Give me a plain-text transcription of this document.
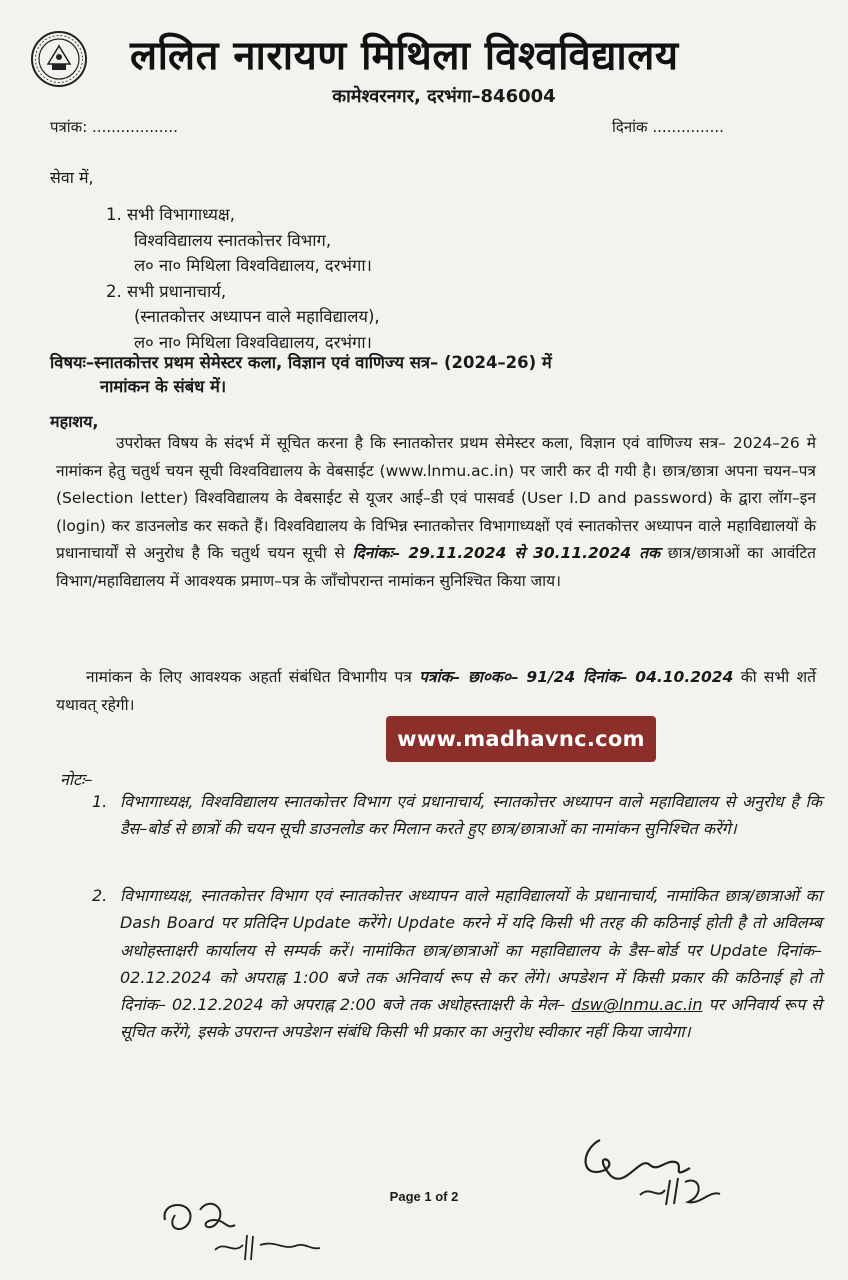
ललित नारायण मिथिला विश्वविद्यालय
कामेश्वरनगर, दरभंगा–846004
पत्रांक: ..................	दिनांक ...............
सेवा में,
1. सभी विभागाध्यक्ष,
विश्वविद्यालय स्नातकोत्तर विभाग,
ल० ना० मिथिला विश्वविद्यालय, दरभंगा।
2. सभी प्रधानाचार्य,
(स्नातकोत्तर अध्यापन वाले महाविद्यालय),
ल० ना० मिथिला विश्वविद्यालय, दरभंगा।
विषयः–स्नातकोत्तर प्रथम सेमेस्टर कला, विज्ञान एवं वाणिज्य सत्र– (2024–26) में
नामांकन के संबंध में।
महाशय,
उपरोक्त विषय के संदर्भ में सूचित करना है कि स्नातकोत्तर प्रथम सेमेस्टर कला, विज्ञान एवं वाणिज्य सत्र– 2024–26 मे नामांकन हेतु चतुर्थ चयन सूची विश्वविद्यालय के वेबसाईट (www.lnmu.ac.in) पर जारी कर दी गयी है। छात्र/छात्रा अपना चयन–पत्र (Selection letter) विश्वविद्यालय के वेबसाईट से यूजर आई–डी एवं पासवर्ड (User I.D and password) के द्वारा लॉग–इन (login) कर डाउनलोड कर सकते हैं। विश्वविद्यालय के विभिन्न स्नातकोत्तर विभागाध्यक्षों एवं स्नातकोत्तर अध्यापन वाले महाविद्यालयों के प्रधानाचार्यों से अनुरोध है कि चतुर्थ चयन सूची से दिनांकः– 29.11.2024 से 30.11.2024 तक छात्र/छात्राओं का आवंटित विभाग/महाविद्यालय में आवश्यक प्रमाण–पत्र के जाँचोपरान्त नामांकन सुनिश्चित किया जाय।
नामांकन के लिए आवश्यक अहर्ता संबंधित विभागीय पत्र पत्रांक– छा०क०– 91/24 दिनांक– 04.10.2024 की सभी शर्ते यथावत् रहेगी।
www.madhavnc.com
नोटः–
1. विभागाध्यक्ष, विश्वविद्यालय स्नातकोत्तर विभाग एवं प्रधानाचार्य, स्नातकोत्तर अध्यापन वाले महाविद्यालय से अनुरोध है कि डैस–बोर्ड से छात्रों की चयन सूची डाउनलोड कर मिलान करते हुए छात्र/छात्राओं का नामांकन सुनिश्चित करेंगे।
2. विभागाध्यक्ष, स्नातकोत्तर विभाग एवं स्नातकोत्तर अध्यापन वाले महाविद्यालयों के प्रधानाचार्य, नामांकित छात्र/छात्राओं का Dash Board पर प्रतिदिन Update करेंगे। Update करने में यदि किसी भी तरह की कठिनाई होती है तो अविलम्ब अधोहस्ताक्षरी कार्यालय से सम्पर्क करें। नामांकित छात्र/छात्राओं का महाविद्यालय के डैस–बोर्ड पर Update दिनांक– 02.12.2024 को अपराह्न 1:00 बजे तक अनिवार्य रूप से कर लेंगे। अपडेशन में किसी प्रकार की कठिनाई हो तो दिनांक– 02.12.2024 को अपराह्न 2:00 बजे तक अधोहस्ताक्षरी के मेल– dsw@lnmu.ac.in पर अनिवार्य रूप से सूचित करेंगे, इसके उपरान्त अपडेशन संबंधि किसी भी प्रकार का अनुरोध स्वीकार नहीं किया जायेगा।
Page 1 of 2
